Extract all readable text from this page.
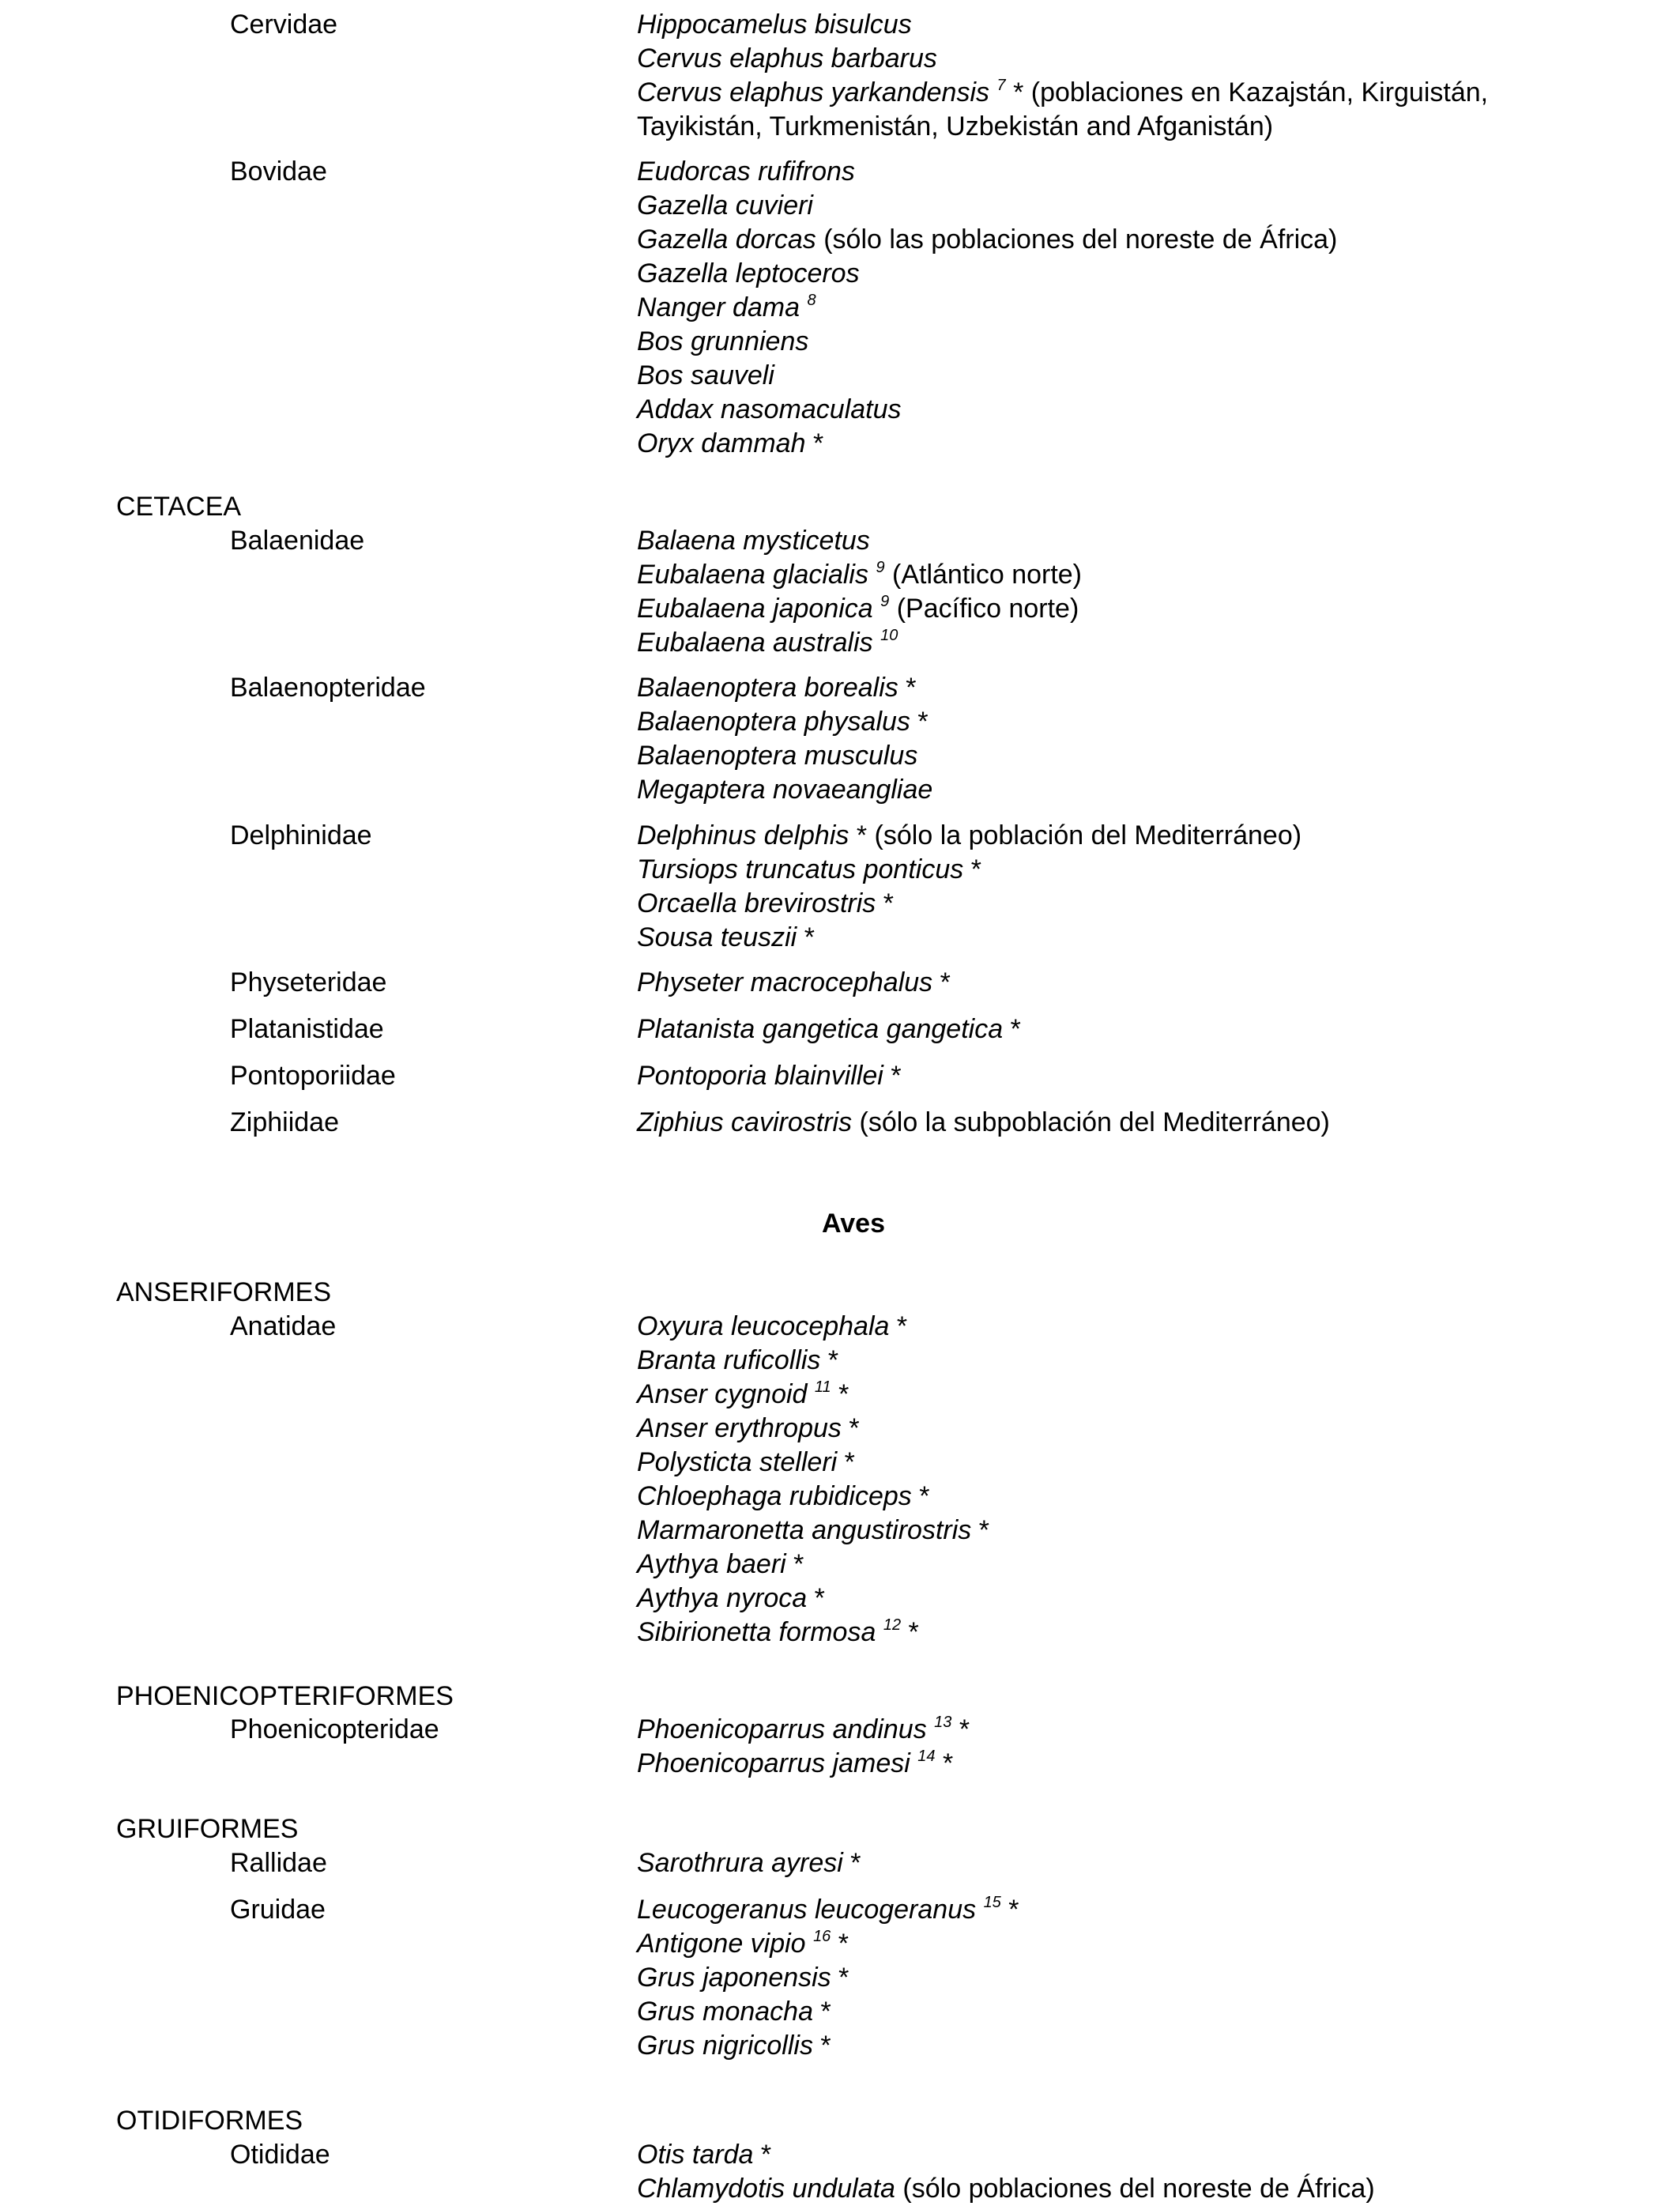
Cervidae	Hippocamelus bisulcus
Cervus elaphus barbarus
Cervus elaphus yarkandensis $^7$ * (poblaciones en Kazajstán, Kirguistán, Tayikistán, Turkmenistán, Uzbekistán and Afganistán)
Bovidae	Eudorcas rufifrons
Gazella cuvieri
Gazella dorcas (sólo las poblaciones del noreste de África)
Gazella leptoceros
Nanger dama $^8$
Bos grunniens
Bos sauveli
Addax nasomaculatus
Oryx dammah *
CETACEA
Balaenidae	Balaena mysticetus
Eubalaena glacialis $^9$ (Atlántico norte)
Eubalaena japonica $^9$ (Pacífico norte)
Eubalaena australis $^{10}$
Balaenopteridae	Balaenoptera borealis *
Balaenoptera physalus *
Balaenoptera musculus
Megaptera novaeangliae
Delphinidae	Delphinus delphis * (sólo la población del Mediterráneo)
Tursiops truncatus ponticus *
Orcaella brevirostris *
Sousa teuszii *
Physeteridae	Physeter macrocephalus *
Platanistidae	Platanista gangetica gangetica *
Pontoporiidae	Pontoporia blainvillei *
Ziphiidae	Ziphius cavirostris (sólo la subpoblación del Mediterráneo)
Aves
ANSERIFORMES
Anatidae	Oxyura leucocephala *
Branta ruficollis *
Anser cygnoid $^{11}$ *
Anser erythropus *
Polysticta stelleri *
Chloephaga rubidiceps *
Marmaronetta angustirostris *
Aythya baeri *
Aythya nyroca *
Sibirionetta formosa $^{12}$ *
PHOENICOPTERIFORMES
Phoenicopteridae	Phoenicoparrus andinus $^{13}$ *
Phoenicoparrus jamesi $^{14}$ *
GRUIFORMES
Rallidae	Sarothrura ayresi *
Gruidae	Leucogeranus leucogeranus $^{15}$ *
Antigone vipio $^{16}$ *
Grus japonensis *
Grus monacha *
Grus nigricollis *
OTIDIFORMES
Otididae	Otis tarda *
Chlamydotis undulata (sólo poblaciones del noreste de África)
